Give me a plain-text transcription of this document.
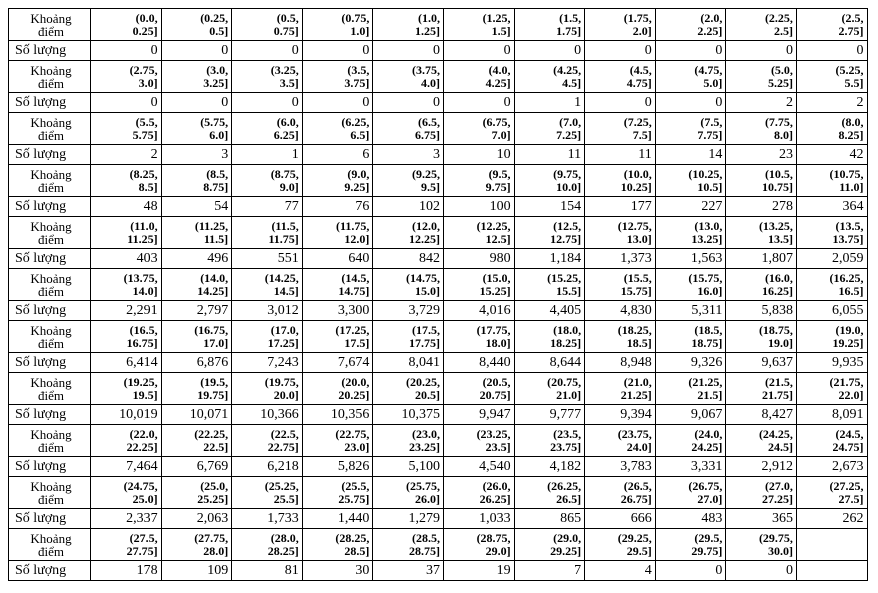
Khoảng
điểm	(0.0,
0.25]	(0.25,
0.5]	(0.5,
0.75]	(0.75,
1.0]	(1.0,
1.25]	(1.25,
1.5]	(1.5,
1.75]	(1.75,
2.0]	(2.0,
2.25]	(2.25,
2.5]	(2.5,
2.75]

Số lượng	0	0	0	0	0	0	0	0	0	0	0

Khoảng
điểm	(2.75,
3.0]	(3.0,
3.25]	(3.25,
3.5]	(3.5,
3.75]	(3.75,
4.0]	(4.0,
4.25]	(4.25,
4.5]	(4.5,
4.75]	(4.75,
5.0]	(5.0,
5.25]	(5.25,
5.5]

Số lượng	0	0	0	0	0	0	1	0	0	2	2

Khoảng
điểm	(5.5,
5.75]	(5.75,
6.0]	(6.0,
6.25]	(6.25,
6.5]	(6.5,
6.75]	(6.75,
7.0]	(7.0,
7.25]	(7.25,
7.5]	(7.5,
7.75]	(7.75,
8.0]	(8.0,
8.25]

Số lượng	2	3	1	6	3	10	11	11	14	23	42

Khoảng
điểm	(8.25,
8.5]	(8.5,
8.75]	(8.75,
9.0]	(9.0,
9.25]	(9.25,
9.5]	(9.5,
9.75]	(9.75,
10.0]	(10.0,
10.25]	(10.25,
10.5]	(10.5,
10.75]	(10.75,
11.0]

Số lượng	48	54	77	76	102	100	154	177	227	278	364

Khoảng
điểm	(11.0,
11.25]	(11.25,
11.5]	(11.5,
11.75]	(11.75,
12.0]	(12.0,
12.25]	(12.25,
12.5]	(12.5,
12.75]	(12.75,
13.0]	(13.0,
13.25]	(13.25,
13.5]	(13.5,
13.75]

Số lượng	403	496	551	640	842	980	1,184	1,373	1,563	1,807	2,059

Khoảng
điểm	(13.75,
14.0]	(14.0,
14.25]	(14.25,
14.5]	(14.5,
14.75]	(14.75,
15.0]	(15.0,
15.25]	(15.25,
15.5]	(15.5,
15.75]	(15.75,
16.0]	(16.0,
16.25]	(16.25,
16.5]

Số lượng	2,291	2,797	3,012	3,300	3,729	4,016	4,405	4,830	5,311	5,838	6,055

Khoảng
điểm	(16.5,
16.75]	(16.75,
17.0]	(17.0,
17.25]	(17.25,
17.5]	(17.5,
17.75]	(17.75,
18.0]	(18.0,
18.25]	(18.25,
18.5]	(18.5,
18.75]	(18.75,
19.0]	(19.0,
19.25]

Số lượng	6,414	6,876	7,243	7,674	8,041	8,440	8,644	8,948	9,326	9,637	9,935

Khoảng
điểm	(19.25,
19.5]	(19.5,
19.75]	(19.75,
20.0]	(20.0,
20.25]	(20.25,
20.5]	(20.5,
20.75]	(20.75,
21.0]	(21.0,
21.25]	(21.25,
21.5]	(21.5,
21.75]	(21.75,
22.0]

Số lượng	10,019	10,071	10,366	10,356	10,375	9,947	9,777	9,394	9,067	8,427	8,091

Khoảng
điểm	(22.0,
22.25]	(22.25,
22.5]	(22.5,
22.75]	(22.75,
23.0]	(23.0,
23.25]	(23.25,
23.5]	(23.5,
23.75]	(23.75,
24.0]	(24.0,
24.25]	(24.25,
24.5]	(24.5,
24.75]

Số lượng	7,464	6,769	6,218	5,826	5,100	4,540	4,182	3,783	3,331	2,912	2,673

Khoảng
điểm	(24.75,
25.0]	(25.0,
25.25]	(25.25,
25.5]	(25.5,
25.75]	(25.75,
26.0]	(26.0,
26.25]	(26.25,
26.5]	(26.5,
26.75]	(26.75,
27.0]	(27.0,
27.25]	(27.25,
27.5]

Số lượng	2,337	2,063	1,733	1,440	1,279	1,033	865	666	483	365	262

Khoảng
điểm	(27.5,
27.75]	(27.75,
28.0]	(28.0,
28.25]	(28.25,
28.5]	(28.5,
28.75]	(28.75,
29.0]	(29.0,
29.25]	(29.25,
29.5]	(29.5,
29.75]	(29.75,
30.0]	

Số lượng	178	109	81	30	37	19	7	4	0	0	
